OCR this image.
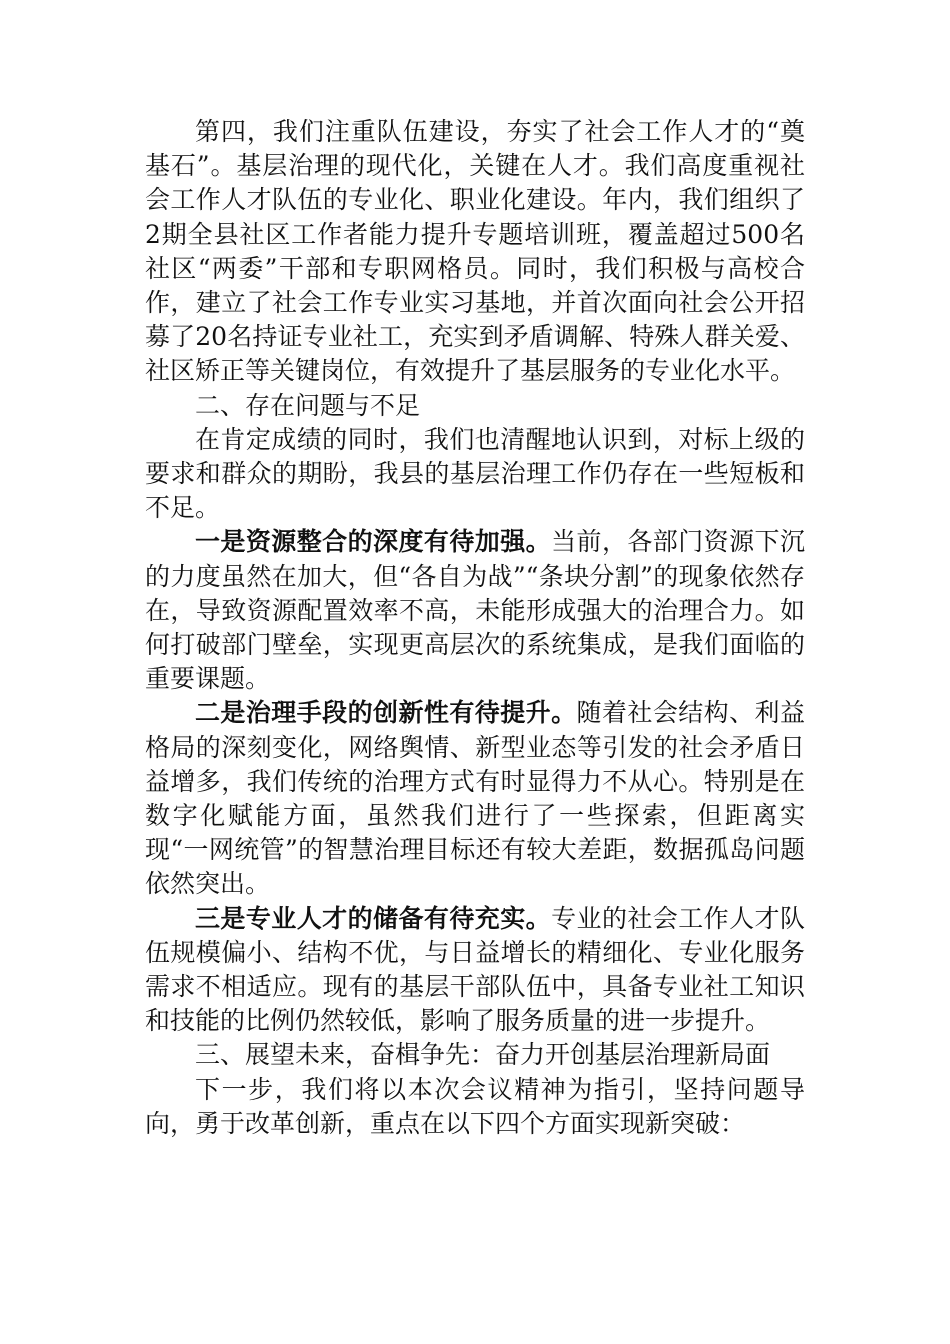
第四，我们注重队伍建设，夯实了社会工作人才的“奠基石”。基层治理的现代化，关键在人才。我们高度重视社会工作人才队伍的专业化、职业化建设。年内，我们组织了2期全县社区工作者能力提升专题培训班，覆盖超过500名社区“两委”干部和专职网格员。同时，我们积极与高校合作，建立了社会工作专业实习基地，并首次面向社会公开招募了20名持证专业社工，充实到矛盾调解、特殊人群关爱、社区矫正等关键岗位，有效提升了基层服务的专业化水平。

二、存在问题与不足

在肯定成绩的同时，我们也清醒地认识到，对标上级的要求和群众的期盼，我县的基层治理工作仍存在一些短板和不足。

一是资源整合的深度有待加强。当前，各部门资源下沉的力度虽然在加大，但“各自为战”“条块分割”的现象依然存在，导致资源配置效率不高，未能形成强大的治理合力。如何打破部门壁垒，实现更高层次的系统集成，是我们面临的重要课题。

二是治理手段的创新性有待提升。随着社会结构、利益格局的深刻变化，网络舆情、新型业态等引发的社会矛盾日益增多，我们传统的治理方式有时显得力不从心。特别是在数字化赋能方面，虽然我们进行了一些探索，但距离实现“一网统管”的智慧治理目标还有较大差距，数据孤岛问题依然突出。

三是专业人才的储备有待充实。专业的社会工作人才队伍规模偏小、结构不优，与日益增长的精细化、专业化服务需求不相适应。现有的基层干部队伍中，具备专业社工知识和技能的比例仍然较低，影响了服务质量的进一步提升。

三、展望未来，奋楫争先：奋力开创基层治理新局面

下一步，我们将以本次会议精神为指引，坚持问题导向，勇于改革创新，重点在以下四个方面实现新突破：
